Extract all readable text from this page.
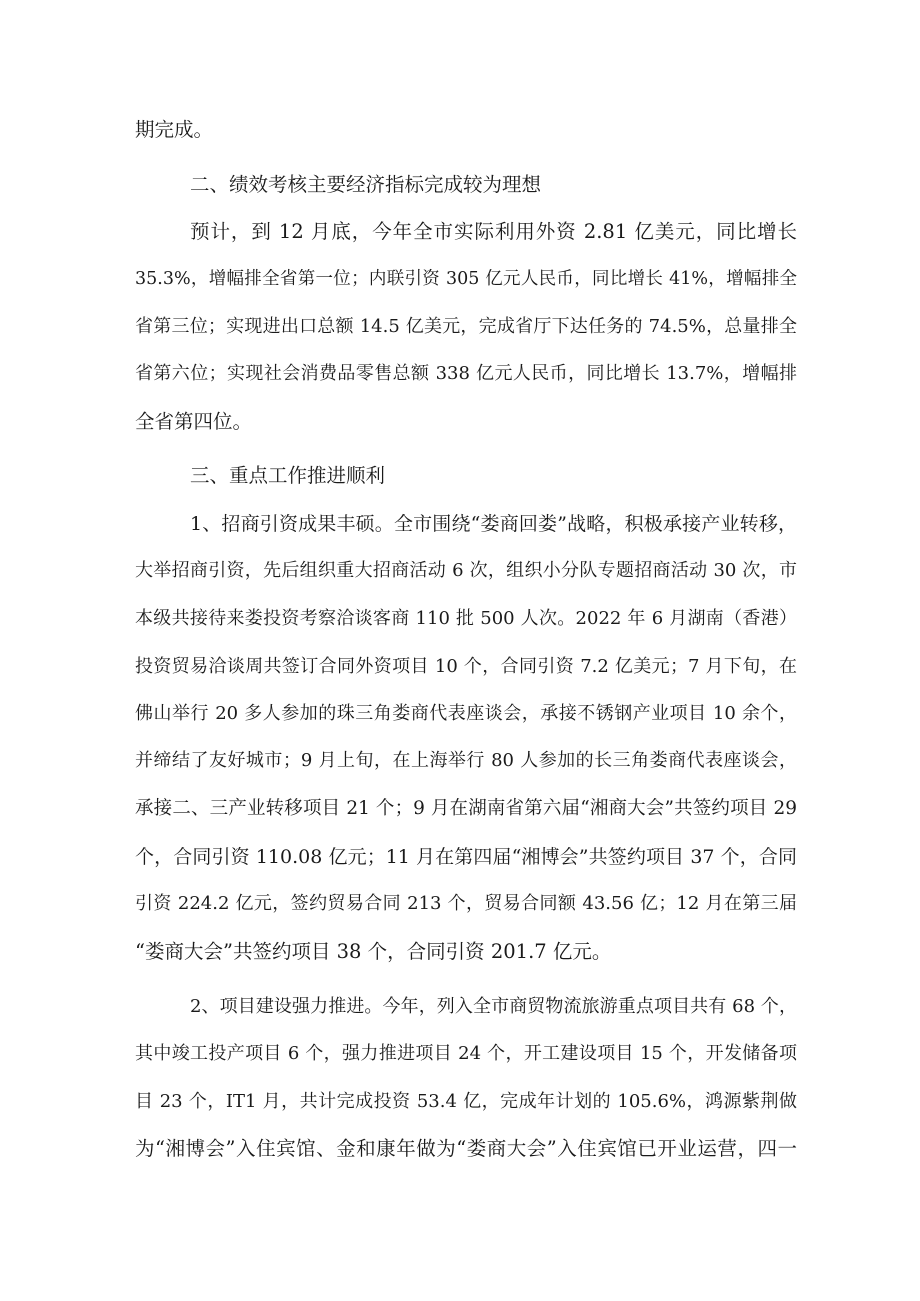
期完成。
二、绩效考核主要经济指标完成较为理想
预计，到 12 月底，今年全市实际利用外资 2.81 亿美元，同比增长
35.3%，增幅排全省第一位；内联引资 305 亿元人民币，同比增长 41%，增幅排全
省第三位；实现进出口总额 14.5 亿美元，完成省厅下达任务的 74.5%，总量排全
省第六位；实现社会消费品零售总额 338 亿元人民币，同比增长 13.7%，增幅排
全省第四位。
三、重点工作推进顺利
1、招商引资成果丰硕。全市围绕“娄商回娄”战略，积极承接产业转移，
大举招商引资，先后组织重大招商活动 6 次，组织小分队专题招商活动 30 次，市
本级共接待来娄投资考察洽谈客商 110 批 500 人次。2022 年 6 月湖南（香港）
投资贸易洽谈周共签订合同外资项目 10 个，合同引资 7.2 亿美元；7 月下旬，在
佛山举行 20 多人参加的珠三角娄商代表座谈会，承接不锈钢产业项目 10 余个，
并缔结了友好城市；9 月上旬，在上海举行 80 人参加的长三角娄商代表座谈会，
承接二、三产业转移项目 21 个；9 月在湖南省第六届“湘商大会”共签约项目 29
个，合同引资 110.08 亿元；11 月在第四届“湘博会”共签约项目 37 个，合同
引资 224.2 亿元，签约贸易合同 213 个，贸易合同额 43.56 亿；12 月在第三届
“娄商大会”共签约项目 38 个，合同引资 201.7 亿元。
2、项目建设强力推进。今年，列入全市商贸物流旅游重点项目共有 68 个，
其中竣工投产项目 6 个，强力推进项目 24 个，开工建设项目 15 个，开发储备项
目 23 个，IT1 月，共计完成投资 53.4 亿，完成年计划的 105.6%，鸿源紫荆做
为“湘博会”入住宾馆、金和康年做为“娄商大会”入住宾馆已开业运营，四一
